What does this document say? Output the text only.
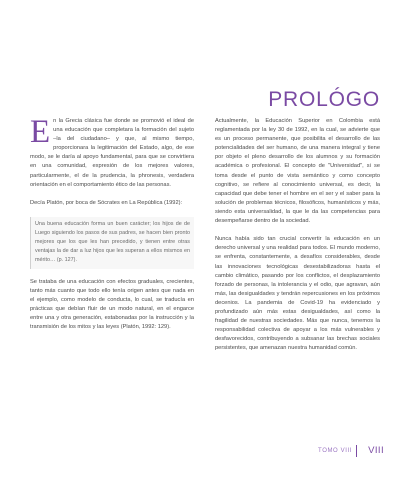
PROLÓGO

En la Grecia clásica fue donde se promovió el ideal de una educación que completara la formación del sujeto –la del ciudadano– y que, al mismo tiempo, proporcionara la legitimación del Estado, algo, de ese modo, se le daría al apoyo fundamental, para que se convirtiera en una comunidad, expresión de los mejores valores, particularmente, el de la prudencia, la phronesis, verdadera orientación en el comportamiento ético de las personas.

Decía Platón, por boca de Sócrates en La República (1992):

Una buena educación forma un buen carácter; los hijos de de Luego siguiendo los pasos de sus padres, se hacen bien pronto mejores que los que les han precedido, y tienen entre otras ventajas la de dar a luz hijos que les superan a ellos mismos en mérito… (p. 127).

Se trataba de una educación con efectos graduales, crecientes, tanto más cuanto que todo ello tenía origen antes que nada en el ejemplo, como modelo de conducta, lo cual, se traducía en prácticas que debían fluir de un modo natural, en el engarce entre una y otra generación, estabonadas por la instrucción y la transmisión de los mitos y las leyes (Platón, 1992: 129).

Actualmente, la Educación Superior en Colombia está reglamentada por la ley 30 de 1992, en la cual, se advierte que es un proceso permanente, que posibilita el desarrollo de las potencialidades del ser humano, de una manera integral y tiene por objeto el pleno desarrollo de los alumnos y su formación académica o profesional. El concepto de "Universidad", si se toma desde el punto de vista semántico y como concepto cognitivo, se refiere al conocimiento universal, es decir, la capacidad que debe tener el hombre en el ser y el saber para la solución de problemas técnicos, filosóficos, humanísticos y más, siendo esta universalidad, la que le da las competencias para desempeñarse dentro de la sociedad.

Nunca había sido tan crucial convertir la educación en un derecho universal y una realidad para todos. El mundo moderno, se enfrenta, constantemente, a desafíos considerables, desde las innovaciones tecnológicas desestabilizadoras hasta el cambio climático, pasando por los conflictos, el desplazamiento forzado de personas, la intolerancia y el odio, que agravan, aún más, las desigualdades y tendrán repercusiones en los próximos decenios. La pandemia de Covid-19 ha evidenciado y profundizado aún más estas desigualdades, así como la fragilidad de nuestras sociedades. Más que nunca, tenemos la responsabilidad colectiva de apoyar a los más vulnerables y desfavorecidos, contribuyendo a subsanar las brechas sociales persistentes, que amenazan nuestra humanidad común.

TOMO VIII VIII
